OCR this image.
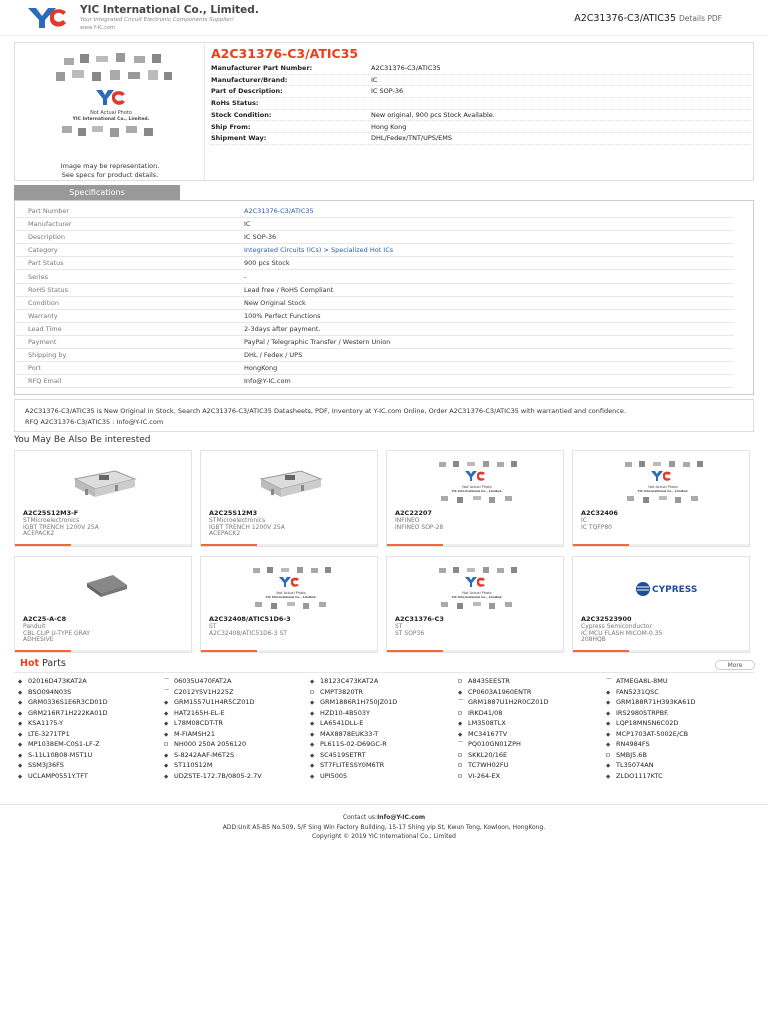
YIC International Co., Limited.
Your Integrated Circuit Electronic Components Supplier!
www.Y-IC.com
A2C31376-C3/ATIC35 Details PDF
Not Actual Photo
YIC International Co., Limited.
Image may be representation.
See specs for product details.
A2C31376-C3/ATIC35
Manufacturer Part Number:	A2C31376-C3/ATIC35
Manufacturer/Brand:	IC
Part of Description:	IC SOP-36
RoHs Status:
Stock Condition:	New original, 900 pcs Stock Available.
Ship From:	Hong Kong
Shipment Way:	DHL/Fedex/TNT/UPS/EMS
Specifications
Part Number	A2C31376-C3/ATIC35
Manufacturer	IC
Description	IC SOP-36
Category	Integrated Circuits (ICs) > Specialized Hot ICs
Part Status	900 pcs Stock
Series	-
RoHS Status	Lead free / RoHS Compliant
Condition	New Original Stock
Warranty	100% Perfect Functions
Lead Time	2-3days after payment.
Payment	PayPal / Telegraphic Transfer / Western Union
Shipping by	DHL / Fedex / UPS
Port	HongKong
RFQ Email	Info@Y-IC.com
A2C31376-C3/ATIC35 is New Original in Stock, Search A2C31376-C3/ATIC35 Datasheets, PDF, Inventory at Y-IC.com Online, Order A2C31376-C3/ATIC35 with warrantied and confidence.
RFQ A2C31376-C3/ATIC35 : Info@Y-IC.com
You May Be Also Be interested
A2C25S12M3-F
STMicroelectronics
IGBT TRENCH 1200V 25A
ACEPACK2
A2C25S12M3
STMicroelectronics
IGBT TRENCH 1200V 25A
ACEPACK2
Not Actual Photo
YIC International Co., Limited.
A2C22207
INFINEO
INFINEO SOP-28
Not Actual Photo
YIC International Co., Limited.
A2C32406
IC
IC TQFP80
A2C25-A-C8
Panduit
CBL CLIP U-TYPE GRAY
ADHESIVE
Not Actual Photo
YIC International Co., Limited.
A2C32408/ATIC51D6-3
ST
A2C32408/ATIC51D6-3 ST
Not Actual Photo
YIC International Co., Limited.
A2C31376-C3
ST
ST SOP36
CYPRESS
A2C32523900
Cypress Semiconductor
IC MCU FLASH MICOM-0.35
208HQB
Hot Parts	More
◆ 02016D473KAT2A	⌒ 06035U470FAT2A	◆ 18123C473KAT2A	D A8435EESTR	⌒ ATMEGA8L-8MU
◆ BSO094N03S	⌒ C2012Y5V1H225Z	D CMPT3820TR	◆ CP0603A1960ENTR	◆ FAN5231QSC
◆ GRM0336S1E6R3CD01D	◆ GRM1557U1H4R5CZ01D	◆ GRM1886R1H750JZ01D	⌒ GRM1887U1H2R0CZ01D	◆ GRM188R71H393KA61D
◆ GRM216R71H222KA01D	◆ HAT2165H-EL-E	◆ HZD10-4B503Y	D IRKD41/08	◆ IRS2980STRPBF.
◆ KSA1175-Y	◆ L78M08CDT-TR	◆ LA6541DLL-E	◆ LM3508TLX	◆ LQP18MN5N6C02D
◆ LTE-3271TP1	◆ M-FIAMSH21	◆ MAX8878EUK33-T	◆ MC34167TV	◆ MCP1703AT-5002E/CB
◆ MP1038EM-C0S1-LF-Z	D NH000 250A 2056120	◆ PL611S-02-D69GC-R	⌒ PQ010GN01ZPH	◆ RN4984FS
◆ S-11L10B08-M5T1U	◆ S-8242AAF-M6T2S	◆ SC4519SETRT	D SKKL20/16E	D SMBJ5.6B
◆ SSM3J36FS	◆ ST110S12M	◆ ST7FLITESSY0M6TR	D TC7WH02FU	◆ TL35074AN
◆ UCLAMP0551Y.TFT	◆ UDZSTE-172.7B/0805-2.7V	◆ UPI5005	D VI-264-EX	◆ ZLDO1117KTC
Contact us:Info@Y-IC.com
ADD:Unit A5-B5 No.509, 5/F Sing Win Factory Building, 15-17 Shing yip St, Kwun Tong, Kowloon, HongKong.
Copyright © 2019 YIC International Co., Limited
